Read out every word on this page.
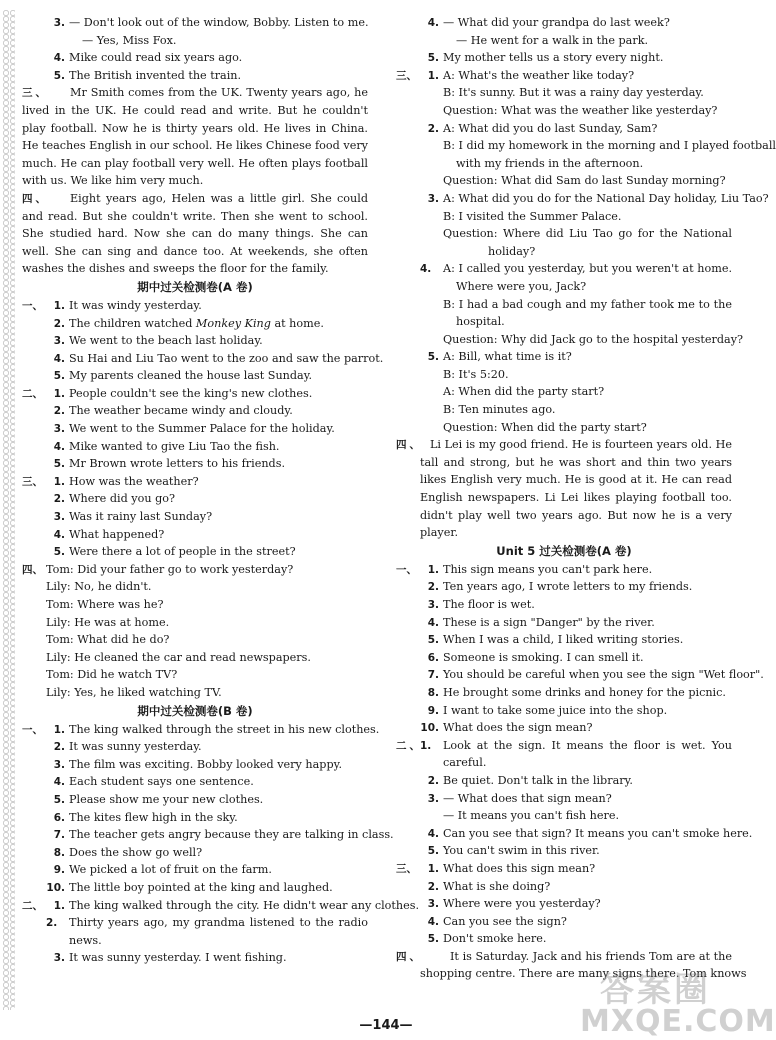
3. — Don't look out of the window, Bobby. Listen to me.
— Yes, Miss Fox.
4. Mike could read six years ago.
5. The British invented the train.
三、 Mr Smith comes from the UK. Twenty years ago, he
lived in the UK. He could read and write. But he couldn't
play football. Now he is thirty years old. He lives in China.
He teaches English in our school. He likes Chinese food very
much. He can play football very well. He often plays football
with us. We like him very much.
四、 Eight years ago, Helen was a little girl. She could
and read. But she couldn't write. Then she went to school.
She studied hard. Now she can do many things. She can
well. She can sing and dance too. At weekends, she often
washes the dishes and sweeps the floor for the family.
期中过关检测卷(A 卷)
一、 1. It was windy yesterday.
2. The children watched Monkey King at home.
3. We went to the beach last holiday.
4. Su Hai and Liu Tao went to the zoo and saw the parrot.
5. My parents cleaned the house last Sunday.
二、 1. People couldn't see the king's new clothes.
2. The weather became windy and cloudy.
3. We went to the Summer Palace for the holiday.
4. Mike wanted to give Liu Tao the fish.
5. Mr Brown wrote letters to his friends.
三、 1. How was the weather?
2. Where did you go?
3. Was it rainy last Sunday?
4. What happened?
5. Were there a lot of people in the street?
四、 Tom: Did your father go to work yesterday?
Lily: No, he didn't.
Tom: Where was he?
Lily: He was at home.
Tom: What did he do?
Lily: He cleaned the car and read newspapers.
Tom: Did he watch TV?
Lily: Yes, he liked watching TV.
期中过关检测卷(B 卷)
一、 1. The king walked through the street in his new clothes.
2. It was sunny yesterday.
3. The film was exciting. Bobby looked very happy.
4. Each student says one sentence.
5. Please show me your new clothes.
6. The kites flew high in the sky.
7. The teacher gets angry because they are talking in class.
8. Does the show go well?
9. We picked a lot of fruit on the farm.
10. The little boy pointed at the king and laughed.
二、 1. The king walked through the city. He didn't wear any clothes.
2. Thirty years ago, my grandma listened to the radio
news.
3. It was sunny yesterday. I went fishing.
4. — What did your grandpa do last week?
— He went for a walk in the park.
5. My mother tells us a story every night.
三、 1. A: What's the weather like today?
B: It's sunny. But it was a rainy day yesterday.
Question: What was the weather like yesterday?
2. A: What did you do last Sunday, Sam?
B: I did my homework in the morning and I played football
with my friends in the afternoon.
Question: What did Sam do last Sunday morning?
3. A: What did you do for the National Day holiday, Liu Tao?
B: I visited the Summer Palace.
Question: Where did Liu Tao go for the National
holiday?
4. A: I called you yesterday, but you weren't at home.
Where were you, Jack?
B: I had a bad cough and my father took me to the
hospital.
Question: Why did Jack go to the hospital yesterday?
5. A: Bill, what time is it?
B: It's 5:20.
A: When did the party start?
B: Ten minutes ago.
Question: When did the party start?
四、 Li Lei is my good friend. He is fourteen years old. He
tall and strong, but he was short and thin two years
likes English very much. He is good at it. He can read
English newspapers. Li Lei likes playing football too.
didn't play well two years ago. But now he is a very
player.
Unit 5 过关检测卷(A 卷)
一、 1. This sign means you can't park here.
2. Ten years ago, I wrote letters to my friends.
3. The floor is wet.
4. These is a sign "Danger" by the river.
5. When I was a child, I liked writing stories.
6. Someone is smoking. I can smell it.
7. You should be careful when you see the sign "Wet floor".
8. He brought some drinks and honey for the picnic.
9. I want to take some juice into the shop.
10. What does the sign mean?
二、1. Look at the sign. It means the floor is wet. You
careful.
2. Be quiet. Don't talk in the library.
3. — What does that sign mean?
— It means you can't fish here.
4. Can you see that sign? It means you can't smoke here.
5. You can't swim in this river.
三、 1. What does this sign mean?
2. What is she doing?
3. Where were you yesterday?
4. Can you see the sign?
5. Don't smoke here.
四、	It is Saturday. Jack and his friends Tom are at the
shopping centre. There are many signs there. Tom knows
—144—
答案圈
MXQE.COM
